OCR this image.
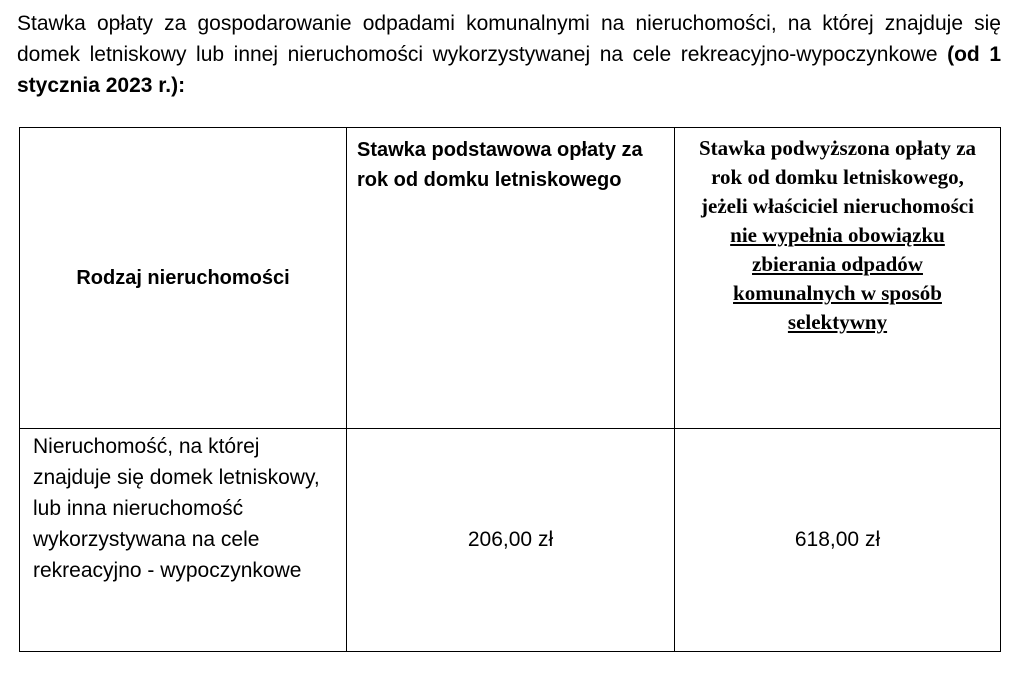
Stawka opłaty za gospodarowanie odpadami komunalnymi na nieruchomości, na której znajduje się domek letniskowy lub innej nieruchomości wykorzystywanej na cele rekreacyjno-wypoczynkowe (od 1 stycznia 2023 r.):

Rodzaj nieruchomości	Stawka podstawowa opłaty za rok od domku letniskowego	Stawka podwyższona opłaty za rok od domku letniskowego, jeżeli właściciel nieruchomości nie wypełnia obowiązku zbierania odpadów komunalnych w sposób selektywny
Nieruchomość, na której znajduje się domek letniskowy, lub inna nieruchomość wykorzystywana na cele rekreacyjno - wypoczynkowe	206,00 zł	618,00 zł
